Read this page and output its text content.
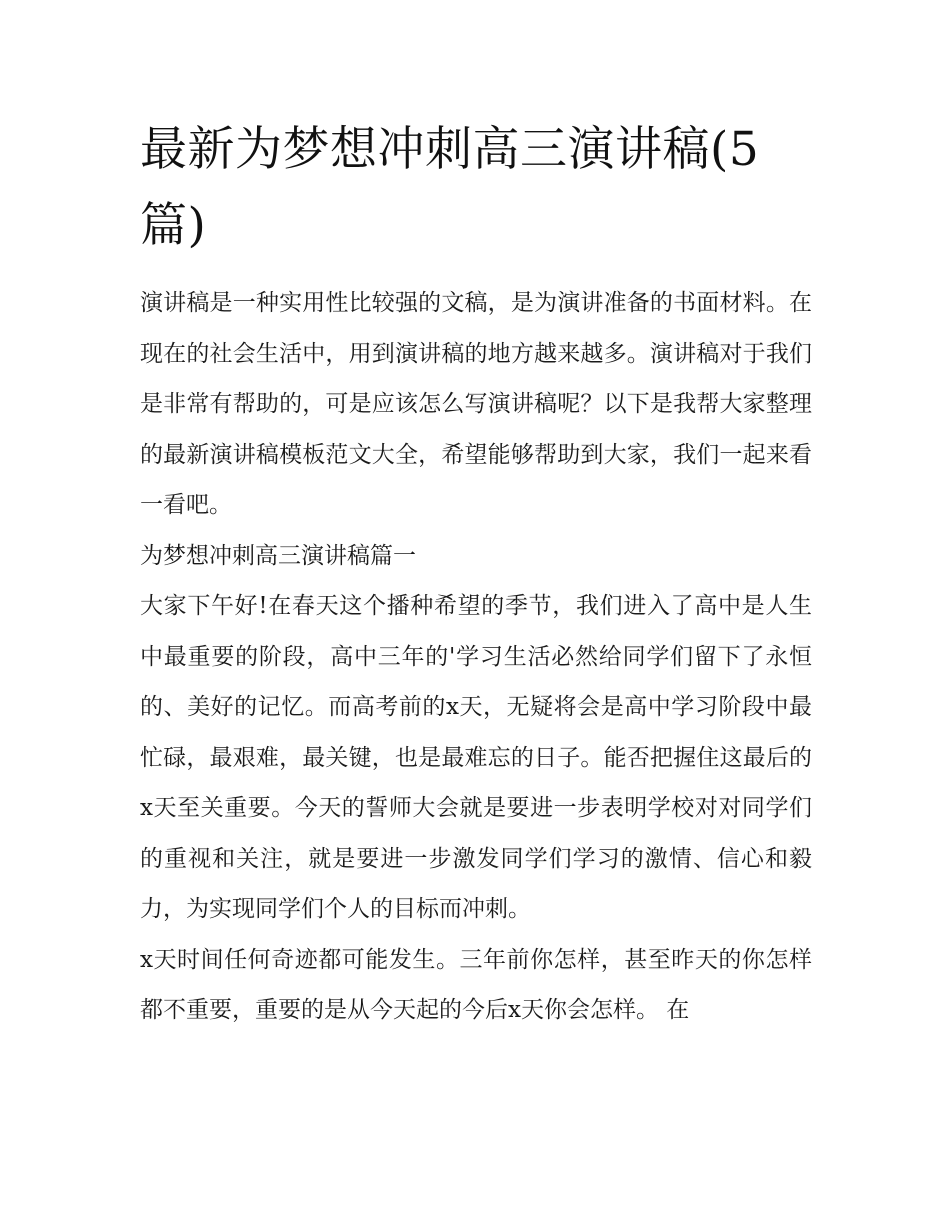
最新为梦想冲刺高三演讲稿(5篇)

演讲稿是一种实用性比较强的文稿，是为演讲准备的书面材料。在现在的社会生活中，用到演讲稿的地方越来越多。演讲稿对于我们是非常有帮助的，可是应该怎么写演讲稿呢？以下是我帮大家整理的最新演讲稿模板范文大全，希望能够帮助到大家，我们一起来看一看吧。

为梦想冲刺高三演讲稿篇一

大家下午好!在春天这个播种希望的季节，我们进入了高中是人生中最重要的阶段，高中三年的'学习生活必然给同学们留下了永恒的、美好的记忆。而高考前的x天，无疑将会是高中学习阶段中最忙碌，最艰难，最关键，也是最难忘的日子。能否把握住这最后的x天至关重要。今天的誓师大会就是要进一步表明学校对对同学们的重视和关注，就是要进一步激发同学们学习的激情、信心和毅力，为实现同学们个人的目标而冲刺。

x天时间任何奇迹都可能发生。三年前你怎样，甚至昨天的你怎样都不重要，重要的是从今天起的今后x天你会怎样。 在
